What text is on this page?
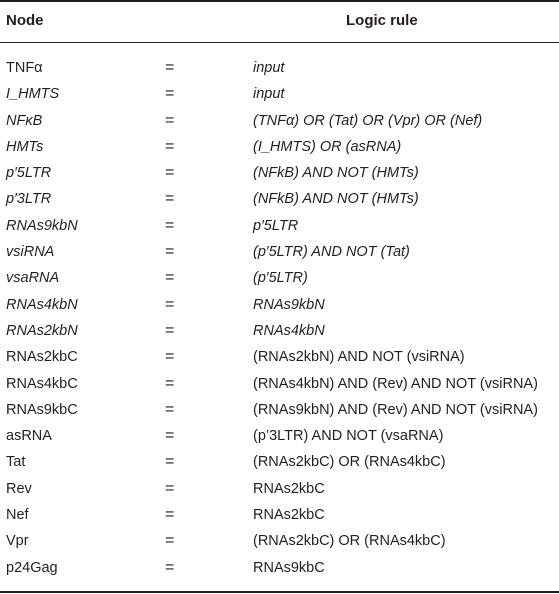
Node	Logic rule
TNFα	=	input
I_HMTS	=	input
NFκB	=	(TNFα) OR (Tat) OR (Vpr) OR (Nef)
HMTs	=	(I_HMTS) OR (asRNA)
p′5LTR	=	(NFkB) AND NOT (HMTs)
p′3LTR	=	(NFkB) AND NOT (HMTs)
RNAs9kbN	=	p′5LTR
vsiRNA	=	(p′5LTR) AND NOT (Tat)
vsaRNA	=	(p′5LTR)
RNAs4kbN	=	RNAs9kbN
RNAs2kbN	=	RNAs4kbN
RNAs2kbC	=	(RNAs2kbN) AND NOT (vsiRNA)
RNAs4kbC	=	(RNAs4kbN) AND (Rev) AND NOT (vsiRNA)
RNAs9kbC	=	(RNAs9kbN) AND (Rev) AND NOT (vsiRNA)
asRNA	=	(p’3LTR) AND NOT (vsaRNA)
Tat	=	(RNAs2kbC) OR (RNAs4kbC)
Rev	=	RNAs2kbC
Nef	=	RNAs2kbC
Vpr	=	(RNAs2kbC) OR (RNAs4kbC)
p24Gag	=	RNAs9kbC
